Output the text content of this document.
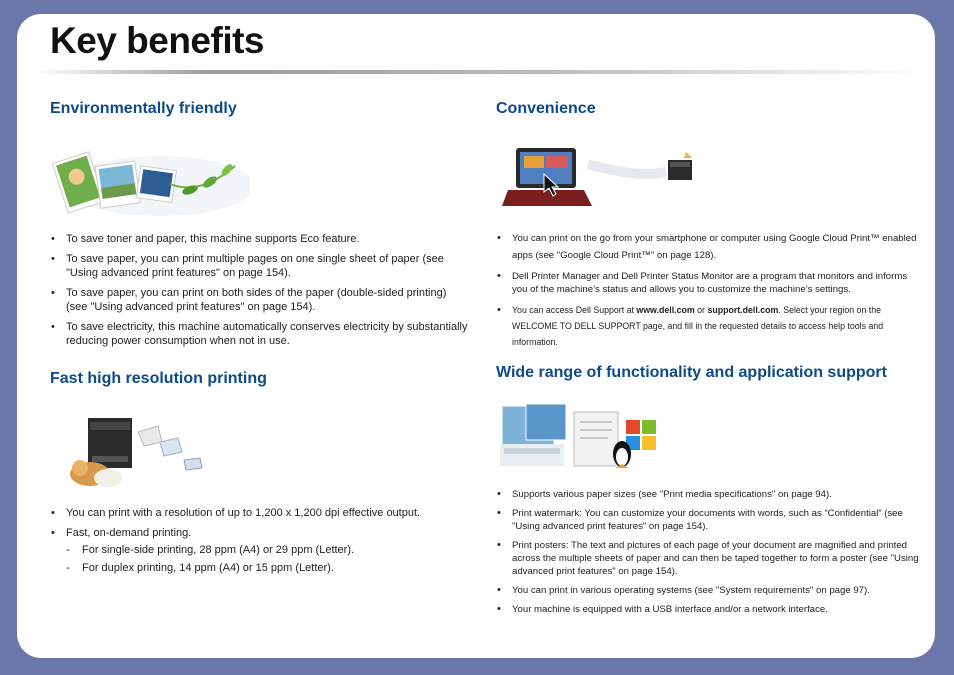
Key benefits
Environmentally friendly
• To save toner and paper, this machine supports Eco feature.
• To save paper, you can print multiple pages on one single sheet of paper (see "Using advanced print features" on page 154).
• To save paper, you can print on both sides of the paper (double-sided printing) (see "Using advanced print features" on page 154).
• To save electricity, this machine automatically conserves electricity by substantially reducing power consumption when not in use.
Fast high resolution printing
• You can print with a resolution of up to 1,200 x 1,200 dpi effective output.
• Fast, on-demand printing.
- For single-side printing, 28 ppm (A4) or 29 ppm (Letter).
- For duplex printing, 14 ppm (A4) or 15 ppm (Letter).
Convenience
• You can print on the go from your smartphone or computer using Google Cloud Print™ enabled apps (see "Google Cloud Print™" on page 128).
• Dell Printer Manager and Dell Printer Status Monitor are a program that monitors and informs you of the machine’s status and allows you to customize the machine’s settings.
• You can access Dell Support at www.dell.com or support.dell.com. Select your region on the WELCOME TO DELL SUPPORT page, and fill in the requested details to access help tools and information.
Wide range of functionality and application support
• Supports various paper sizes (see "Print media specifications" on page 94).
• Print watermark: You can customize your documents with words, such as “Confidential” (see "Using advanced print features" on page 154).
• Print posters: The text and pictures of each page of your document are magnified and printed across the multiple sheets of paper and can then be taped together to form a poster (see "Using advanced print features" on page 154).
• You can print in various operating systems (see "System requirements" on page 97).
• Your machine is equipped with a USB interface and/or a network interface.
